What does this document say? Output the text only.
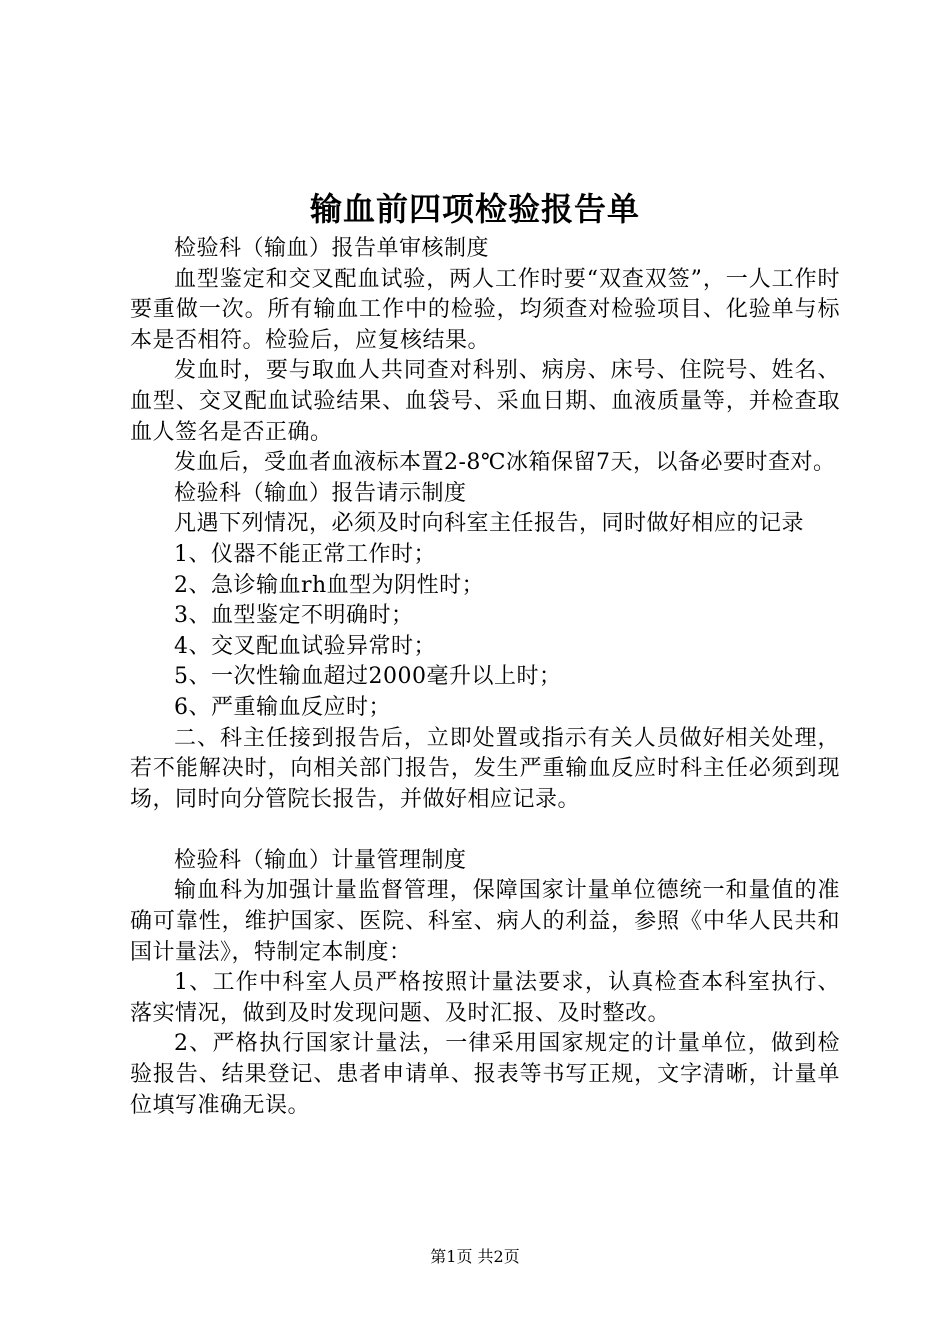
输血前四项检验报告单

检验科（输血）报告单审核制度

血型鉴定和交叉配血试验，两人工作时要“双查双签”，一人工作时要重做一次。所有输血工作中的检验，均须查对检验项目、化验单与标本是否相符。检验后，应复核结果。

发血时，要与取血人共同查对科别、病房、床号、住院号、姓名、血型、交叉配血试验结果、血袋号、采血日期、血液质量等，并检查取血人签名是否正确。

发血后，受血者血液标本置2-8℃冰箱保留7天，以备必要时查对。

检验科（输血）报告请示制度

凡遇下列情况，必须及时向科室主任报告，同时做好相应的记录

1、仪器不能正常工作时；

2、急诊输血rh血型为阴性时；

3、血型鉴定不明确时；

4、交叉配血试验异常时；

5、一次性输血超过2000毫升以上时；

6、严重输血反应时；

二、科主任接到报告后，立即处置或指示有关人员做好相关处理，若不能解决时，向相关部门报告，发生严重输血反应时科主任必须到现场，同时向分管院长报告，并做好相应记录。

检验科（输血）计量管理制度

输血科为加强计量监督管理，保障国家计量单位德统一和量值的准确可靠性，维护国家、医院、科室、病人的利益，参照《中华人民共和国计量法》，特制定本制度：

1、工作中科室人员严格按照计量法要求，认真检查本科室执行、落实情况，做到及时发现问题、及时汇报、及时整改。

2、严格执行国家计量法，一律采用国家规定的计量单位，做到检验报告、结果登记、患者申请单、报表等书写正规，文字清晰，计量单位填写准确无误。

第1页 共2页
